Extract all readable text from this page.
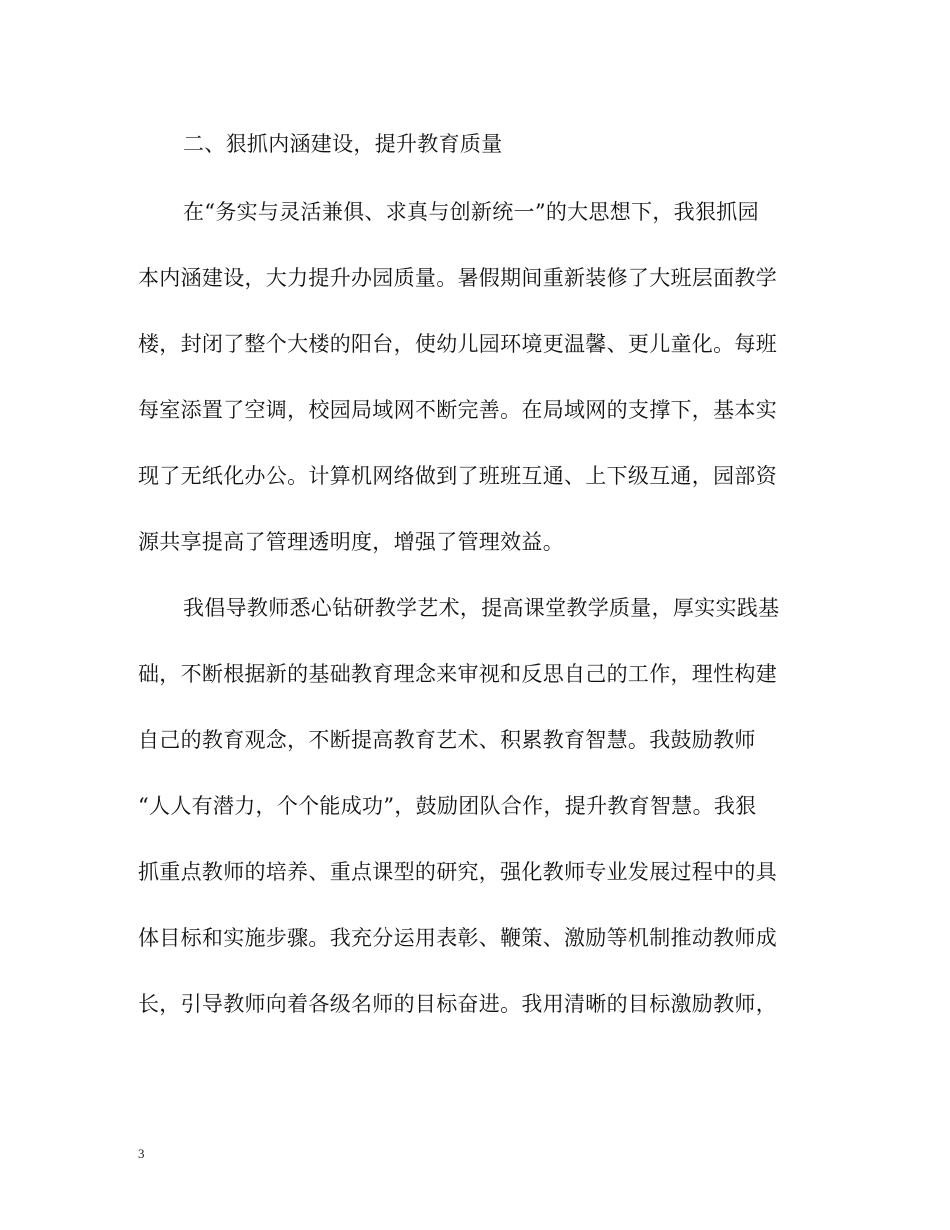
二、狠抓内涵建设，提升教育质量
在“务实与灵活兼俱、求真与创新统一”的大思想下，我狠抓园
本内涵建设，大力提升办园质量。暑假期间重新装修了大班层面教学
楼，封闭了整个大楼的阳台，使幼儿园环境更温馨、更儿童化。每班
每室添置了空调，校园局域网不断完善。在局域网的支撑下，基本实
现了无纸化办公。计算机网络做到了班班互通、上下级互通，园部资
源共享提高了管理透明度，增强了管理效益。
我倡导教师悉心钻研教学艺术，提高课堂教学质量，厚实实践基
础，不断根据新的基础教育理念来审视和反思自己的工作，理性构建
自己的教育观念，不断提高教育艺术、积累教育智慧。我鼓励教师
“人人有潜力，个个能成功”，鼓励团队合作，提升教育智慧。我狠
抓重点教师的培养、重点课型的研究，强化教师专业发展过程中的具
体目标和实施步骤。我充分运用表彰、鞭策、激励等机制推动教师成
长，引导教师向着各级名师的目标奋进。我用清晰的目标激励教师，
3
